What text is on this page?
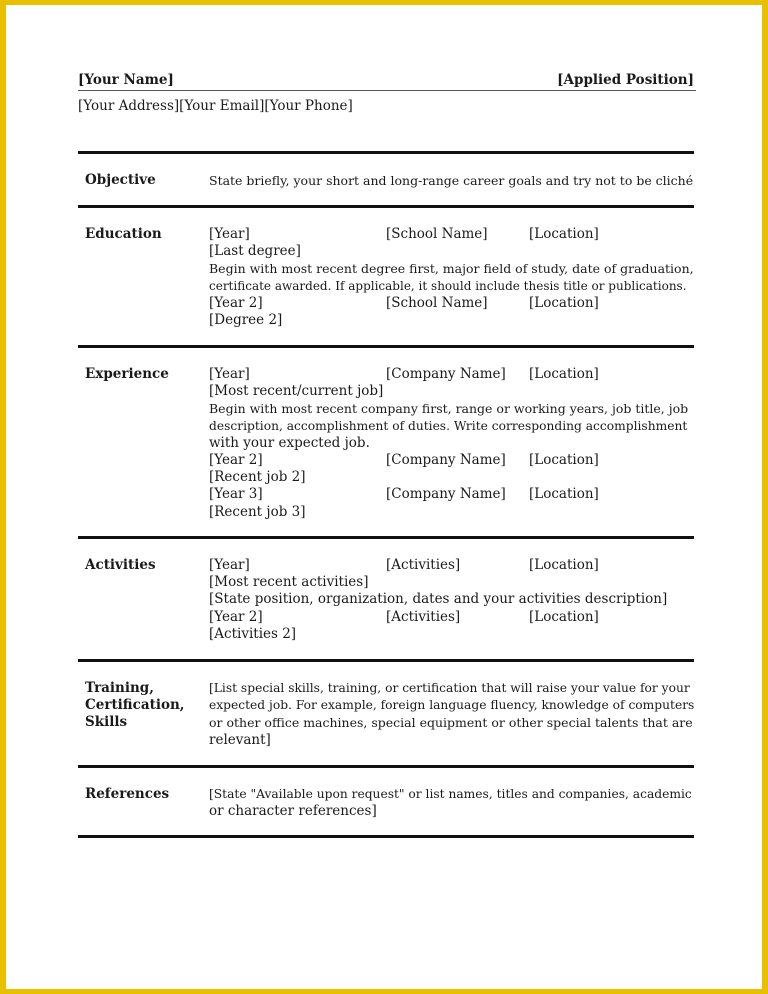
[Your Name]	[Applied Position]
[Your Address][Your Email][Your Phone]
Objective	State briefly, your short and long-range career goals and try not to be cliché
Education	[Year]	[School Name]	[Location]
[Last degree]
Begin with most recent degree first, major field of study, date of graduation,
certificate awarded. If applicable, it should include thesis title or publications.
[Year 2]	[School Name]	[Location]
[Degree 2]
Experience	[Year]	[Company Name] [Location]
[Most recent/current job]
Begin with most recent company first, range or working years, job title, job
description, accomplishment of duties. Write corresponding accomplishment
with your expected job.
[Year 2]	[Company Name] [Location]
[Recent job 2]
[Year 3]	[Company Name] [Location]
[Recent job 3]
Activities	[Year]	[Activities]	[Location]
[Most recent activities]
[State position, organization, dates and your activities description]
[Year 2]	[Activities]	[Location]
[Activities 2]
Training,
Certification,
Skills
[List special skills, training, or certification that will raise your value for your
expected job. For example, foreign language fluency, knowledge of computers
or other office machines, special equipment or other special talents that are
relevant]
References	[State "Available upon request" or list names, titles and companies, academic
or character references]
